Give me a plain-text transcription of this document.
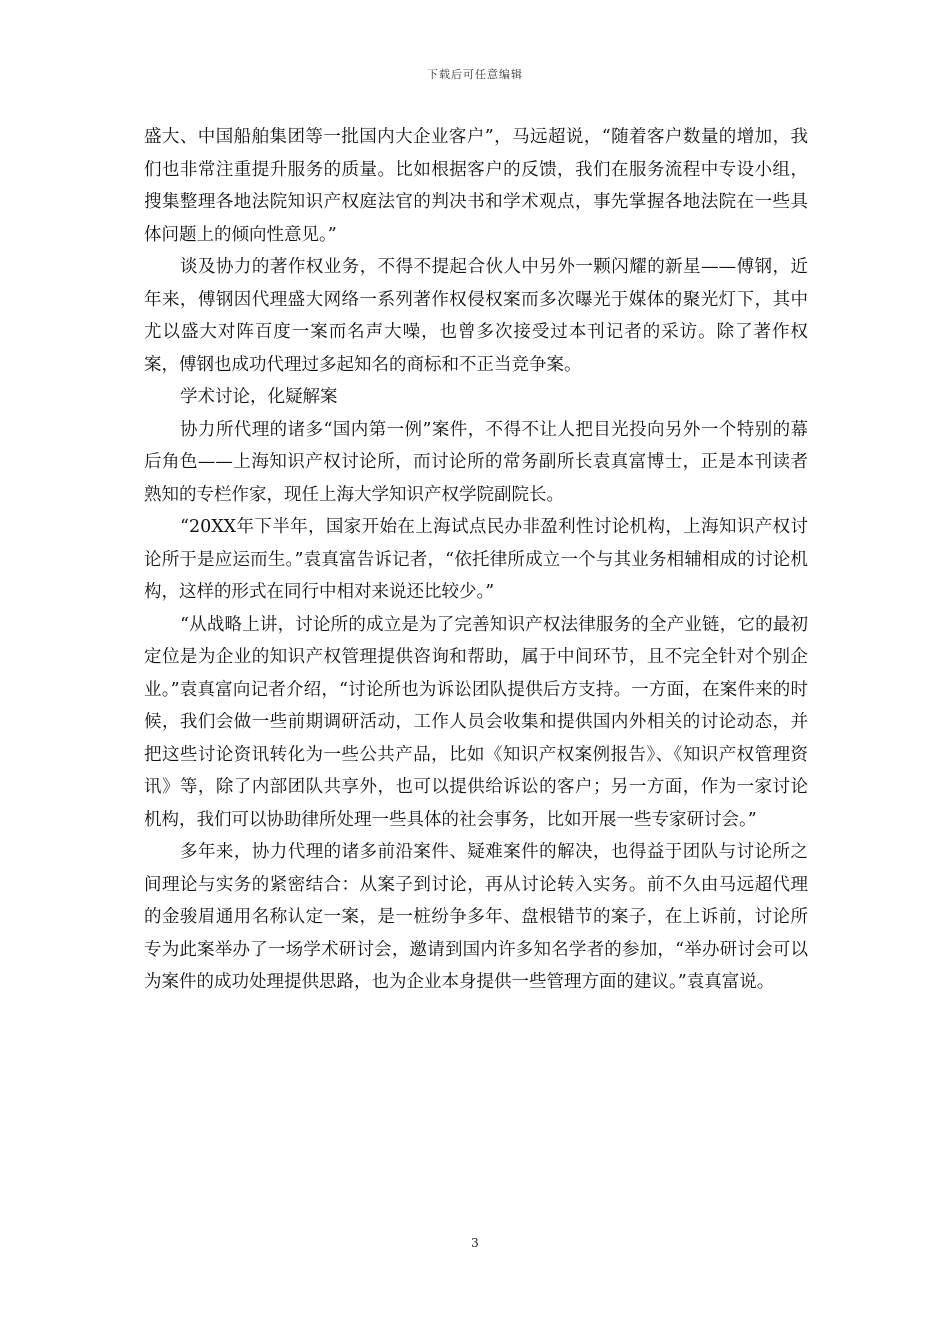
下载后可任意编辑

盛大、中国船舶集团等一批国内大企业客户”，马远超说，“随着客户数量的增加，我们也非常注重提升服务的质量。比如根据客户的反馈，我们在服务流程中专设小组，搜集整理各地法院知识产权庭法官的判决书和学术观点，事先掌握各地法院在一些具体问题上的倾向性意见。”

谈及协力的著作权业务，不得不提起合伙人中另外一颗闪耀的新星——傅钢，近年来，傅钢因代理盛大网络一系列著作权侵权案而多次曝光于媒体的聚光灯下，其中尤以盛大对阵百度一案而名声大噪，也曾多次接受过本刊记者的采访。除了著作权案，傅钢也成功代理过多起知名的商标和不正当竞争案。

学术讨论，化疑解案

协力所代理的诸多“国内第一例”案件，不得不让人把目光投向另外一个特别的幕后角色——上海知识产权讨论所，而讨论所的常务副所长袁真富博士，正是本刊读者熟知的专栏作家，现任上海大学知识产权学院副院长。

“20XX年下半年，国家开始在上海试点民办非盈利性讨论机构，上海知识产权讨论所于是应运而生。”袁真富告诉记者，“依托律所成立一个与其业务相辅相成的讨论机构，这样的形式在同行中相对来说还比较少。”

“从战略上讲，讨论所的成立是为了完善知识产权法律服务的全产业链，它的最初定位是为企业的知识产权管理提供咨询和帮助，属于中间环节，且不完全针对个别企业。”袁真富向记者介绍，“讨论所也为诉讼团队提供后方支持。一方面，在案件来的时候，我们会做一些前期调研活动，工作人员会收集和提供国内外相关的讨论动态，并把这些讨论资讯转化为一些公共产品，比如《知识产权案例报告》、《知识产权管理资讯》等，除了内部团队共享外，也可以提供给诉讼的客户；另一方面，作为一家讨论机构，我们可以协助律所处理一些具体的社会事务，比如开展一些专家研讨会。”

多年来，协力代理的诸多前沿案件、疑难案件的解决，也得益于团队与讨论所之间理论与实务的紧密结合：从案子到讨论，再从讨论转入实务。前不久由马远超代理的金骏眉通用名称认定一案，是一桩纷争多年、盘根错节的案子，在上诉前，讨论所专为此案举办了一场学术研讨会，邀请到国内许多知名学者的参加，“举办研讨会可以为案件的成功处理提供思路，也为企业本身提供一些管理方面的建议。”袁真富说。

3
